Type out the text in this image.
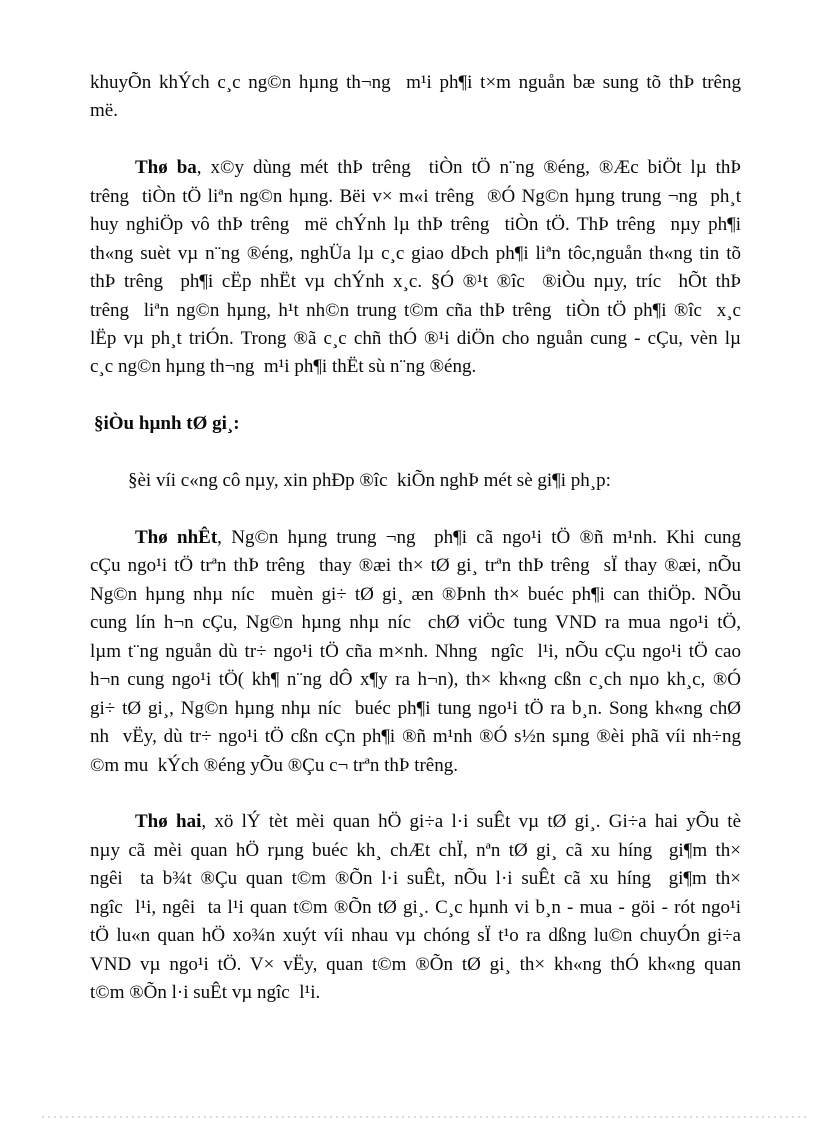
khuyÕn khÝch c¸c ng©n hµng th¬ng  m¹i ph¶i t×m nguån bæ sung tõ thÞ trêng
më.
Thø ba, x©y dùng mét thÞ trêng  tiÒn tÖ n¨ng ®éng, ®Æc biÖt lµ thÞ
trêng  tiÒn tÖ liªn ng©n hµng. Bëi v× m«i trêng  ®Ó Ng©n hµng trung ¬ng  ph¸t
huy nghiÖp vô thÞ trêng  më chÝnh lµ thÞ trêng  tiÒn tÖ. ThÞ trêng  nµy ph¶i
th«ng suèt vµ n¨ng ®éng, nghÜa lµ c¸c giao dÞch ph¶i liªn tôc,nguån th«ng tin tõ
thÞ trêng  ph¶i cËp nhËt vµ chÝnh x¸c. §Ó ®¹t ®îc  ®iÒu nµy, tríc  hÕt thÞ
trêng  liªn ng©n hµng, h¹t nh©n trung t©m cña thÞ trêng  tiÒn tÖ ph¶i ®îc  x¸c
lËp vµ ph¸t triÓn. Trong ®ã c¸c chñ thÓ ®¹i diÖn cho nguån cung - cÇu, vèn lµ
c¸c ng©n hµng th¬ng  m¹i ph¶i thËt sù n¨ng ®éng.
§iÒu hµnh tØ gi¸:
§èi víi c«ng cô nµy, xin phÐp ®îc  kiÕn nghÞ mét sè gi¶i ph¸p:
Thø nhÊt, Ng©n hµng trung ¬ng  ph¶i cã ngo¹i tÖ ®ñ m¹nh. Khi cung
cÇu ngo¹i tÖ trªn thÞ trêng  thay ®æi th× tØ gi¸ trªn thÞ trêng  sÏ thay ®æi, nÕu
Ng©n hµng nhµ níc  muèn gi÷ tØ gi¸ æn ®Þnh th× buéc ph¶i can thiÖp. NÕu
cung lín h¬n cÇu, Ng©n hµng nhµ níc  chØ viÖc tung VND ra mua ngo¹i tÖ,
lµm t¨ng nguån dù tr÷ ngo¹i tÖ cña m×nh. Nhng  ngîc  l¹i, nÕu cÇu ngo¹i tÖ cao
h¬n cung ngo¹i tÖ( kh¶ n¨ng dÔ x¶y ra h¬n), th× kh«ng cßn c¸ch nµo kh¸c, ®Ó
gi÷ tØ gi¸, Ng©n hµng nhµ níc  buéc ph¶i tung ngo¹i tÖ ra b¸n. Song kh«ng chØ
nh  vËy, dù tr÷ ngo¹i tÖ cßn cÇn ph¶i ®ñ m¹nh ®Ó s½n sµng ®èi phã víi nh÷ng
©m mu  kÝch ®éng yÕu ®Çu c¬ trªn thÞ trêng.
Thø hai, xö lÝ tèt mèi quan hÖ gi÷a l·i suÊt vµ tØ gi¸. Gi÷a hai yÕu tè
nµy cã mèi quan hÖ rµng buéc kh¸ chÆt chÏ, nªn tØ gi¸ cã xu híng  gi¶m th×
ngêi  ta b¾t ®Çu quan t©m ®Õn l·i suÊt, nÕu l·i suÊt cã xu híng  gi¶m th×
ngîc  l¹i, ngêi  ta l¹i quan t©m ®Õn tØ gi¸. C¸c hµnh vi b¸n - mua - göi - rót ngo¹i
tÖ lu«n quan hÖ xo¾n xuýt víi nhau vµ chóng sÏ t¹o ra dßng lu©n chuyÓn gi÷a
VND vµ ngo¹i tÖ. V× vËy, quan t©m ®Õn tØ gi¸ th× kh«ng thÓ kh«ng quan
t©m ®Õn l·i suÊt vµ ngîc  l¹i.
